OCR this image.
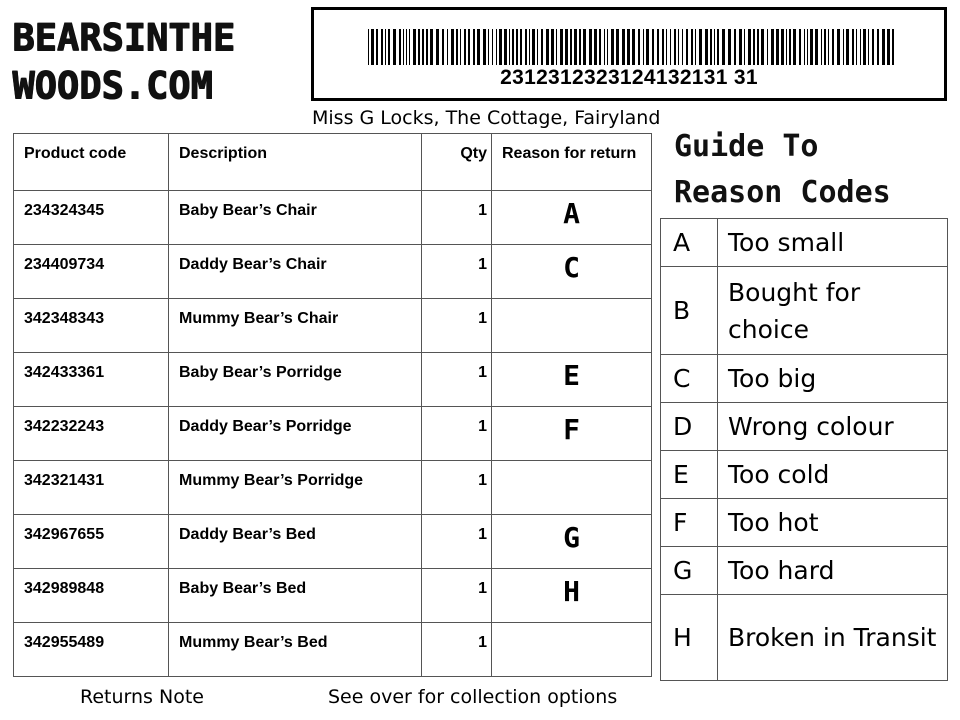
BEARSINTHE
WOODS.COM	2312312323124132131 31
Miss G Locks, The Cottage, Fairyland
Product code	Description	Qty	Reason for return

234324345	Baby Bear’s Chair	1	A

234409734	Daddy Bear’s Chair	1	C

342348343	Mummy Bear’s Chair	1	

342433361	Baby Bear’s Porridge	1	E

342232243	Daddy Bear’s Porridge	1	F

342321431	Mummy Bear’s Porridge	1	

342967655	Daddy Bear’s Bed	1	G

342989848	Baby Bear’s Bed	1	H

342955489	Mummy Bear’s Bed	1	

Guide To
Reason Codes
A	Too small
B	Bought for choice
C	Too big
D	Wrong colour
E	Too cold
F	Too hot
G	Too hard
H	Broken in Transit
Returns Note	See over for collection options
